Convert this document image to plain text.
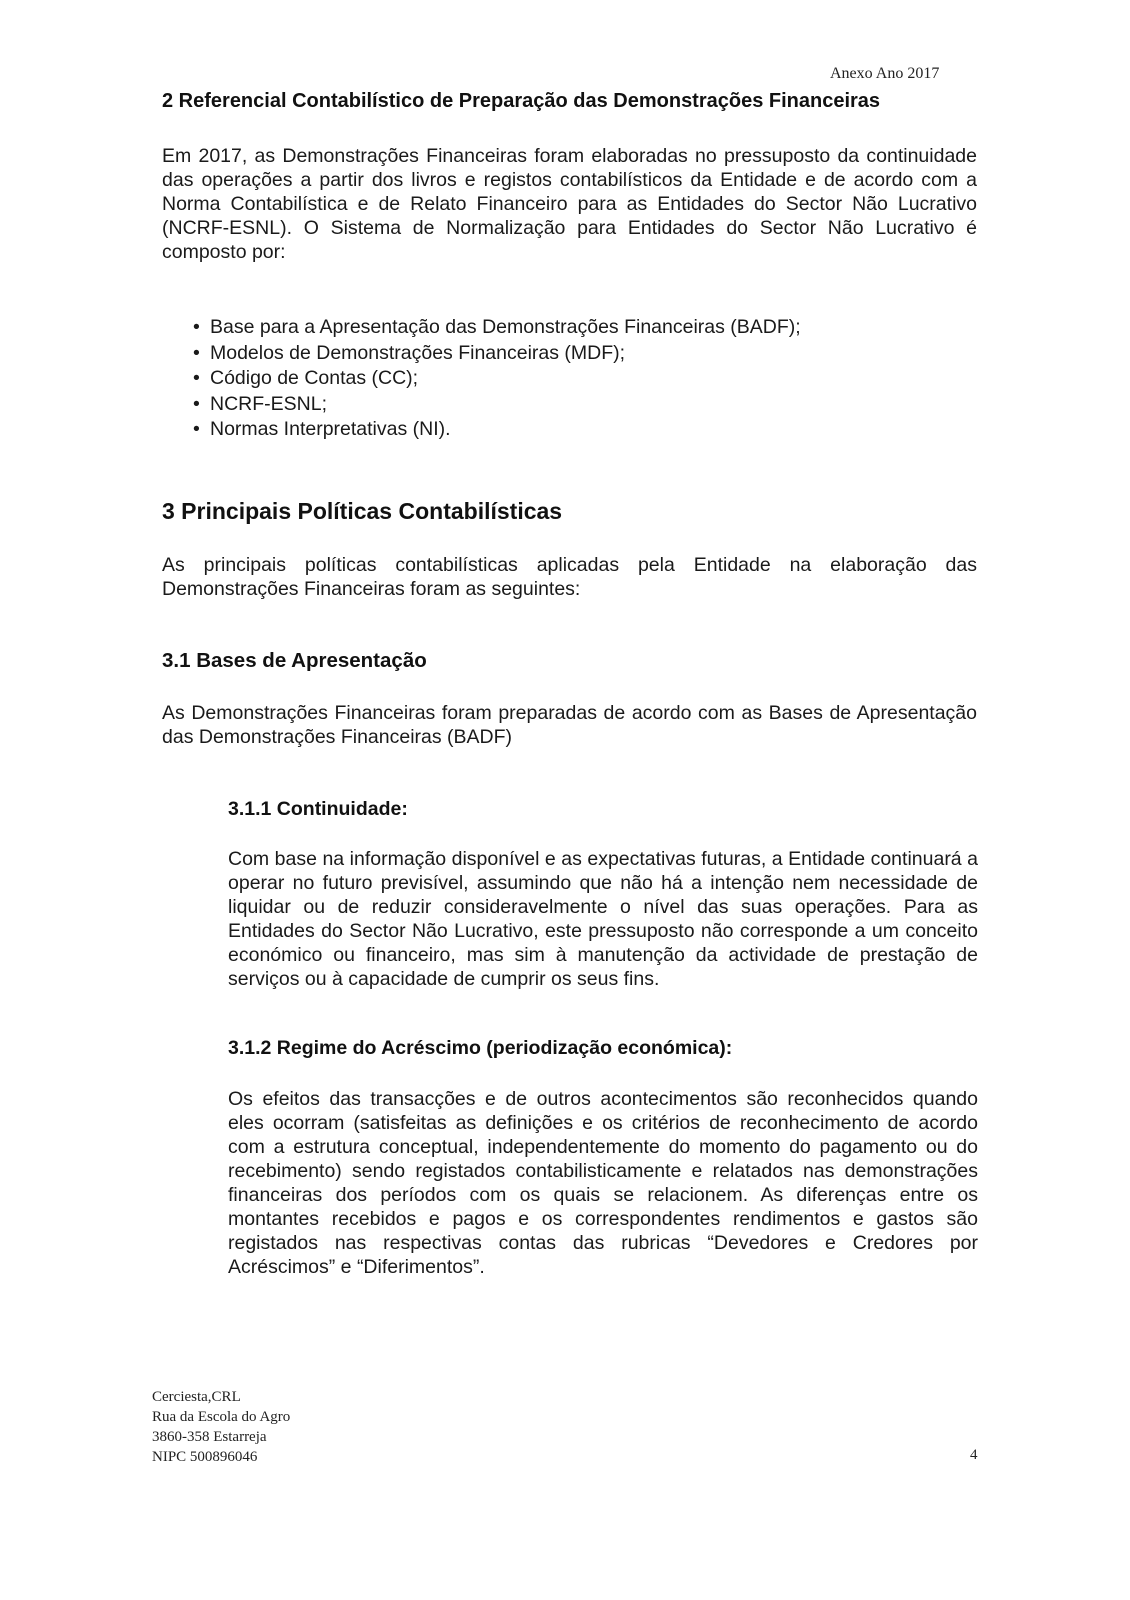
Anexo Ano 2017
2 Referencial Contabilístico de Preparação das Demonstrações Financeiras

Em 2017, as Demonstrações Financeiras foram elaboradas no pressuposto da continuidade das operações a partir dos livros e registos contabilísticos da Entidade e de acordo com a Norma Contabilística e de Relato Financeiro para as Entidades do Sector Não Lucrativo (NCRF-ESNL). O Sistema de Normalização para Entidades do Sector Não Lucrativo é composto por:

• Base para a Apresentação das Demonstrações Financeiras (BADF);
• Modelos de Demonstrações Financeiras (MDF);
• Código de Contas (CC);
• NCRF-ESNL;
• Normas Interpretativas (NI).
3 Principais Políticas Contabilísticas

As principais políticas contabilísticas aplicadas pela Entidade na elaboração das Demonstrações Financeiras foram as seguintes:

3.1 Bases de Apresentação

As Demonstrações Financeiras foram preparadas de acordo com as Bases de Apresentação das Demonstrações Financeiras (BADF)

3.1.1 Continuidade:

Com base na informação disponível e as expectativas futuras, a Entidade continuará a operar no futuro previsível, assumindo que não há a intenção nem necessidade de liquidar ou de reduzir consideravelmente o nível das suas operações. Para as Entidades do Sector Não Lucrativo, este pressuposto não corresponde a um conceito económico ou financeiro, mas sim à manutenção da actividade de prestação de serviços ou à capacidade de cumprir os seus fins.

3.1.2 Regime do Acréscimo (periodização económica):

Os efeitos das transacções e de outros acontecimentos são reconhecidos quando eles ocorram (satisfeitas as definições e os critérios de reconhecimento de acordo com a estrutura conceptual, independentemente do momento do pagamento ou do recebimento) sendo registados contabilisticamente e relatados nas demonstrações financeiras dos períodos com os quais se relacionem. As diferenças entre os montantes recebidos e pagos e os correspondentes rendimentos e gastos são registados nas respectivas contas das rubricas “Devedores e Credores por Acréscimos” e “Diferimentos”.

Cerciesta,CRL
Rua da Escola do Agro
3860-358 Estarreja
NIPC 500896046	4
